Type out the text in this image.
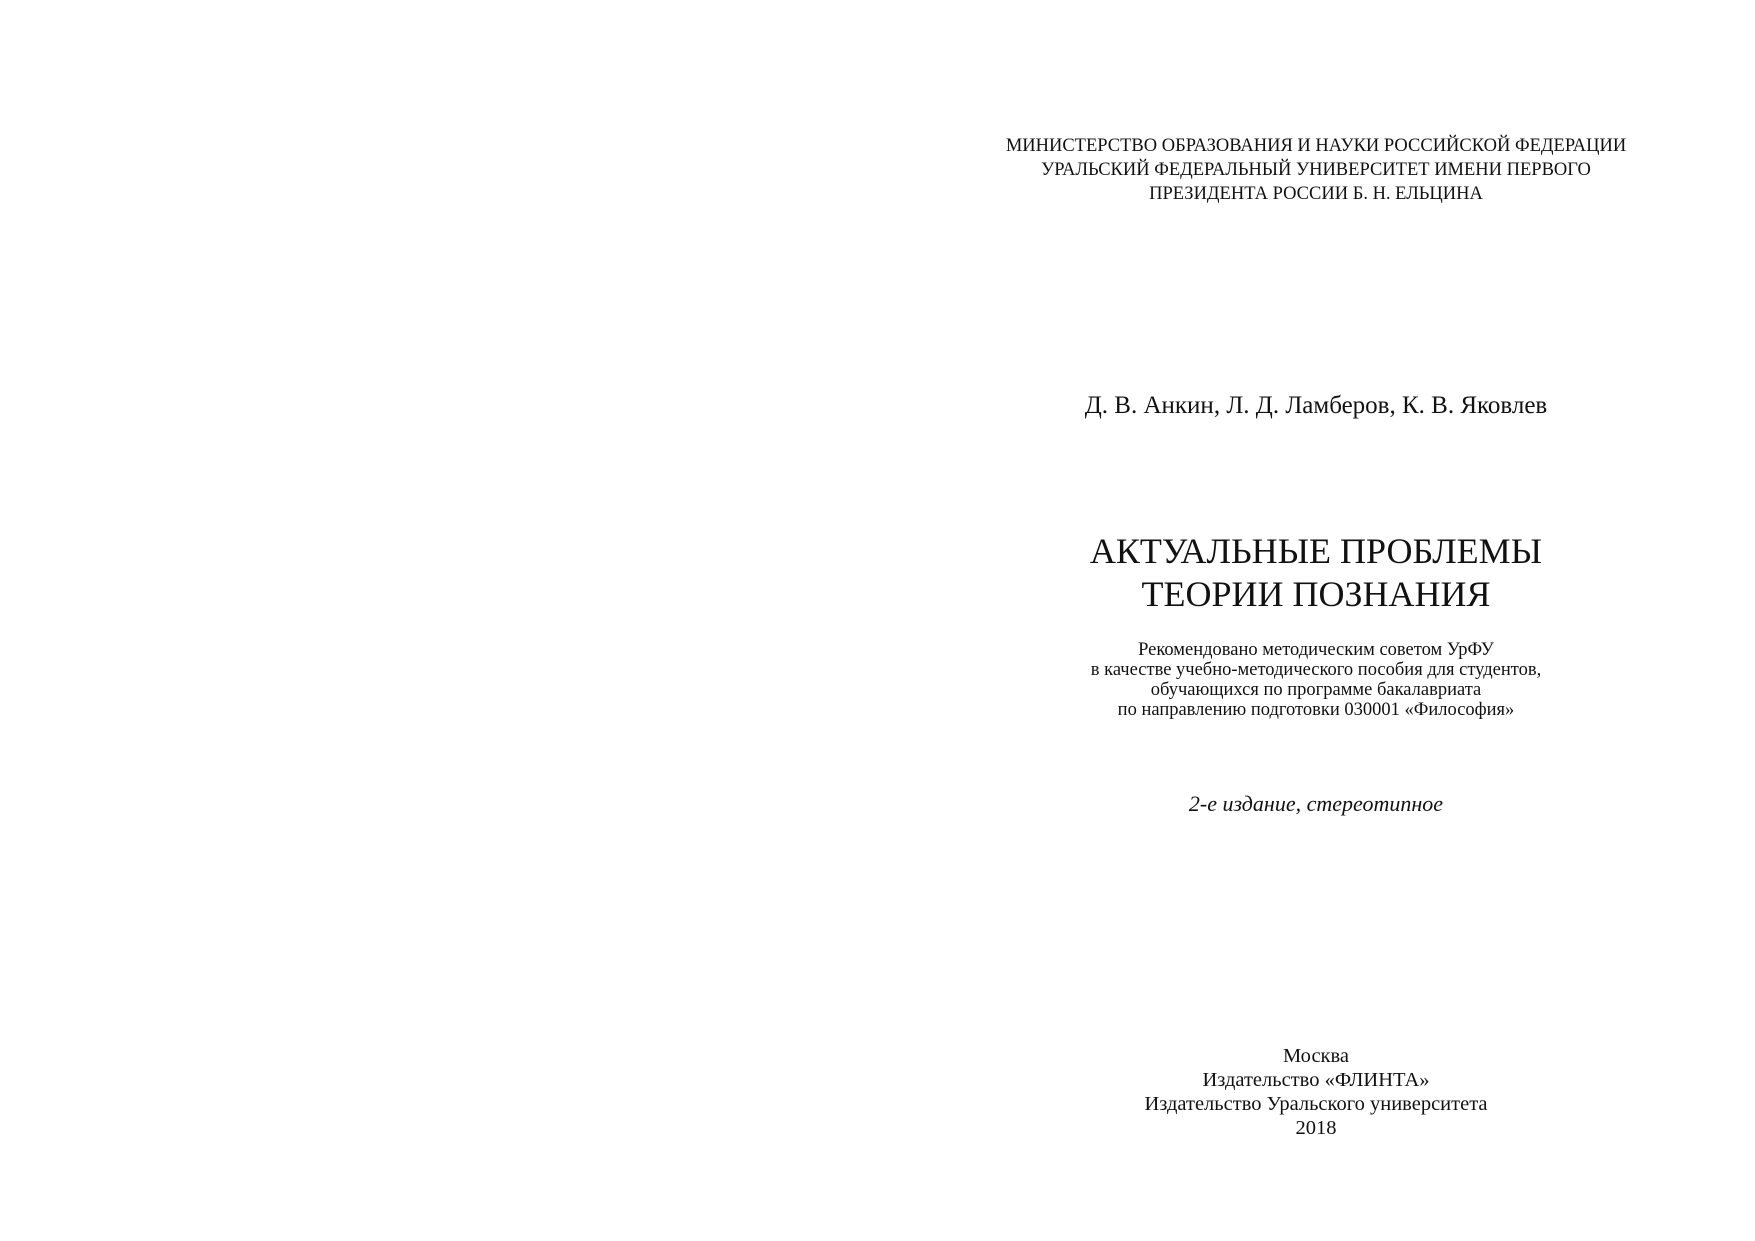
МИНИСТЕРСТВО ОБРАЗОВАНИЯ И НАУКИ РОССИЙСКОЙ ФЕДЕРАЦИИ
УРАЛЬСКИЙ ФЕДЕРАЛЬНЫЙ УНИВЕРСИТЕТ ИМЕНИ ПЕРВОГО
ПРЕЗИДЕНТА РОССИИ Б. Н. ЕЛЬЦИНА
Д. В. Анкин, Л. Д. Ламберов, К. В. Яковлев
АКТУАЛЬНЫЕ ПРОБЛЕМЫ
ТЕОРИИ ПОЗНАНИЯ
Рекомендовано методическим советом УрФУ
в качестве учебно-методического пособия для студентов,
обучающихся по программе бакалавриата
по направлению подготовки 030001 «Философия»
2-е издание, стереотипное
Москва
Издательство «ФЛИНТА»
Издательство Уральского университета
2018
